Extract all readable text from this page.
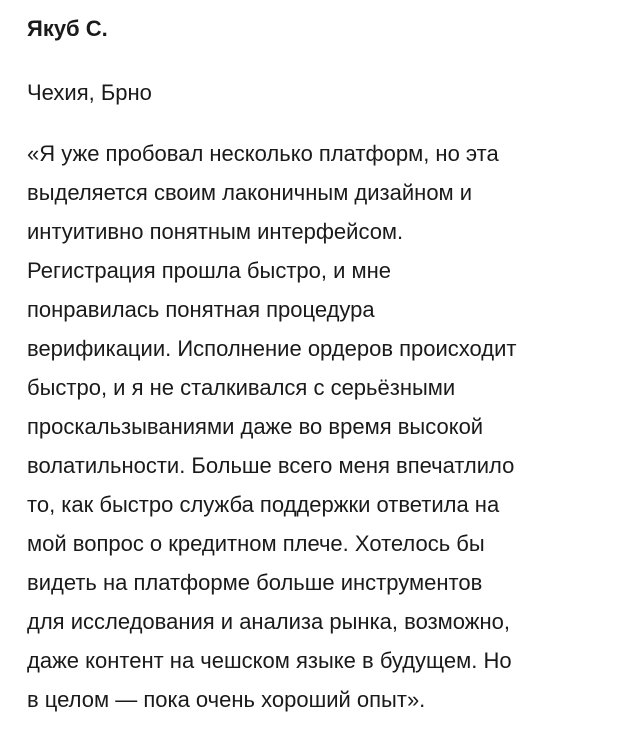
Якуб С.

Чехия, Брно

«Я уже пробовал несколько платформ, но эта
выделяется своим лаконичным дизайном и
интуитивно понятным интерфейсом.
Регистрация прошла быстро, и мне
понравилась понятная процедура
верификации. Исполнение ордеров происходит
быстро, и я не сталкивался с серьёзными
проскальзываниями даже во время высокой
волатильности. Больше всего меня впечатлило
то, как быстро служба поддержки ответила на
мой вопрос о кредитном плече. Хотелось бы
видеть на платформе больше инструментов
для исследования и анализа рынка, возможно,
даже контент на чешском языке в будущем. Но
в целом — пока очень хороший опыт».
